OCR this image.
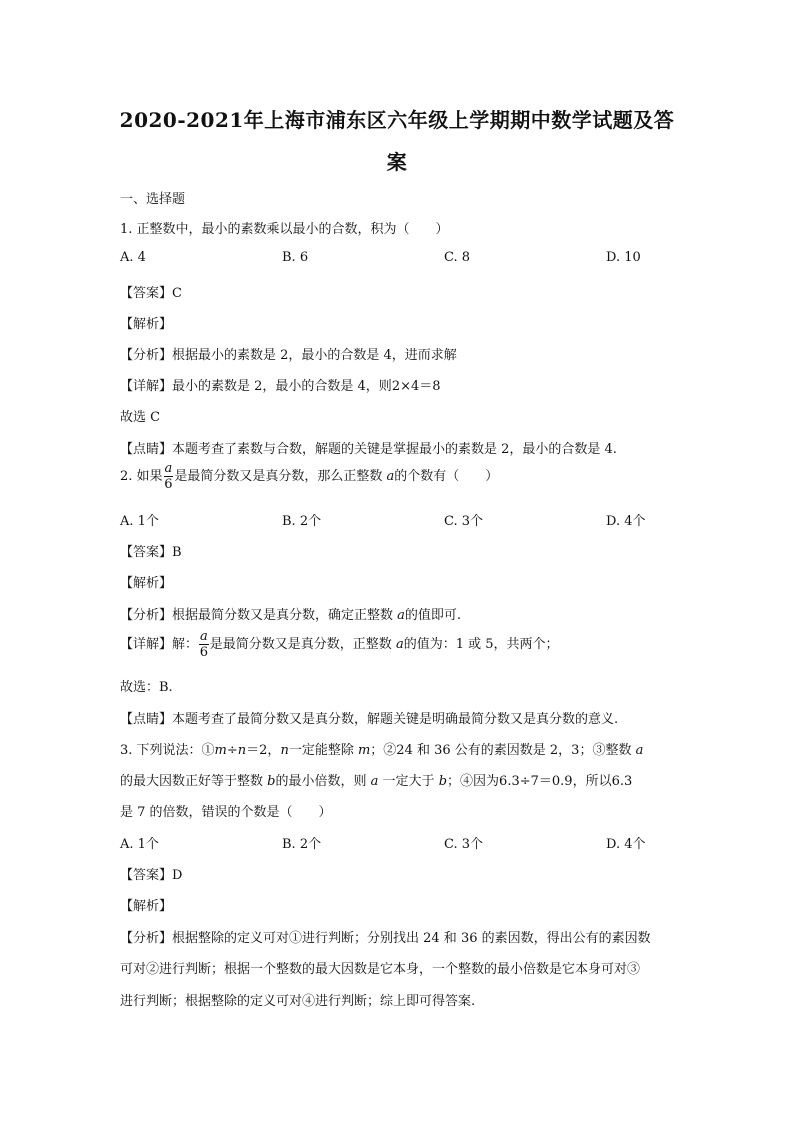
2020-2021年上海市浦东区六年级上学期期中数学试题及答
案
一、选择题
1. 正整数中，最小的素数乘以最小的合数，积为（　　）
A. 4	B. 6	C. 8	D. 10
【答案】C
【解析】
【分析】根据最小的素数是 2，最小的合数是 4，进而求解
【详解】最小的素数是 2，最小的合数是 4，则2×4＝8
故选 C
【点睛】本题考查了素数与合数，解题的关键是掌握最小的素数是 2，最小的合数是 4.
2. 如果 $\frac{a}{6}$ 是最简分数又是真分数，那么正整数 a的个数有（　　）
A. 1个	B. 2个	C. 3个	D. 4个
【答案】B
【解析】
【分析】根据最简分数又是真分数，确定正整数 a的值即可.
【详解】解： $\frac{a}{6}$ 是最简分数又是真分数，正整数 a的值为：1 或 5，共两个；
故选：B.
【点睛】本题考查了最简分数又是真分数，解题关键是明确最简分数又是真分数的意义.
3. 下列说法：①m÷n＝2，n一定能整除 m；②24 和 36 公有的素因数是 2，3；③整数 a
的最大因数正好等于整数 b的最小倍数，则 a 一定大于 b；④因为6.3÷7＝0.9，所以6.3
是 7 的倍数，错误的个数是（　　）
A. 1个	B. 2个	C. 3个	D. 4个
【答案】D
【解析】
【分析】根据整除的定义可对①进行判断；分别找出 24 和 36 的素因数，得出公有的素因数
可对②进行判断；根据一个整数的最大因数是它本身，一个整数的最小倍数是它本身可对③
进行判断；根据整除的定义可对④进行判断；综上即可得答案.
